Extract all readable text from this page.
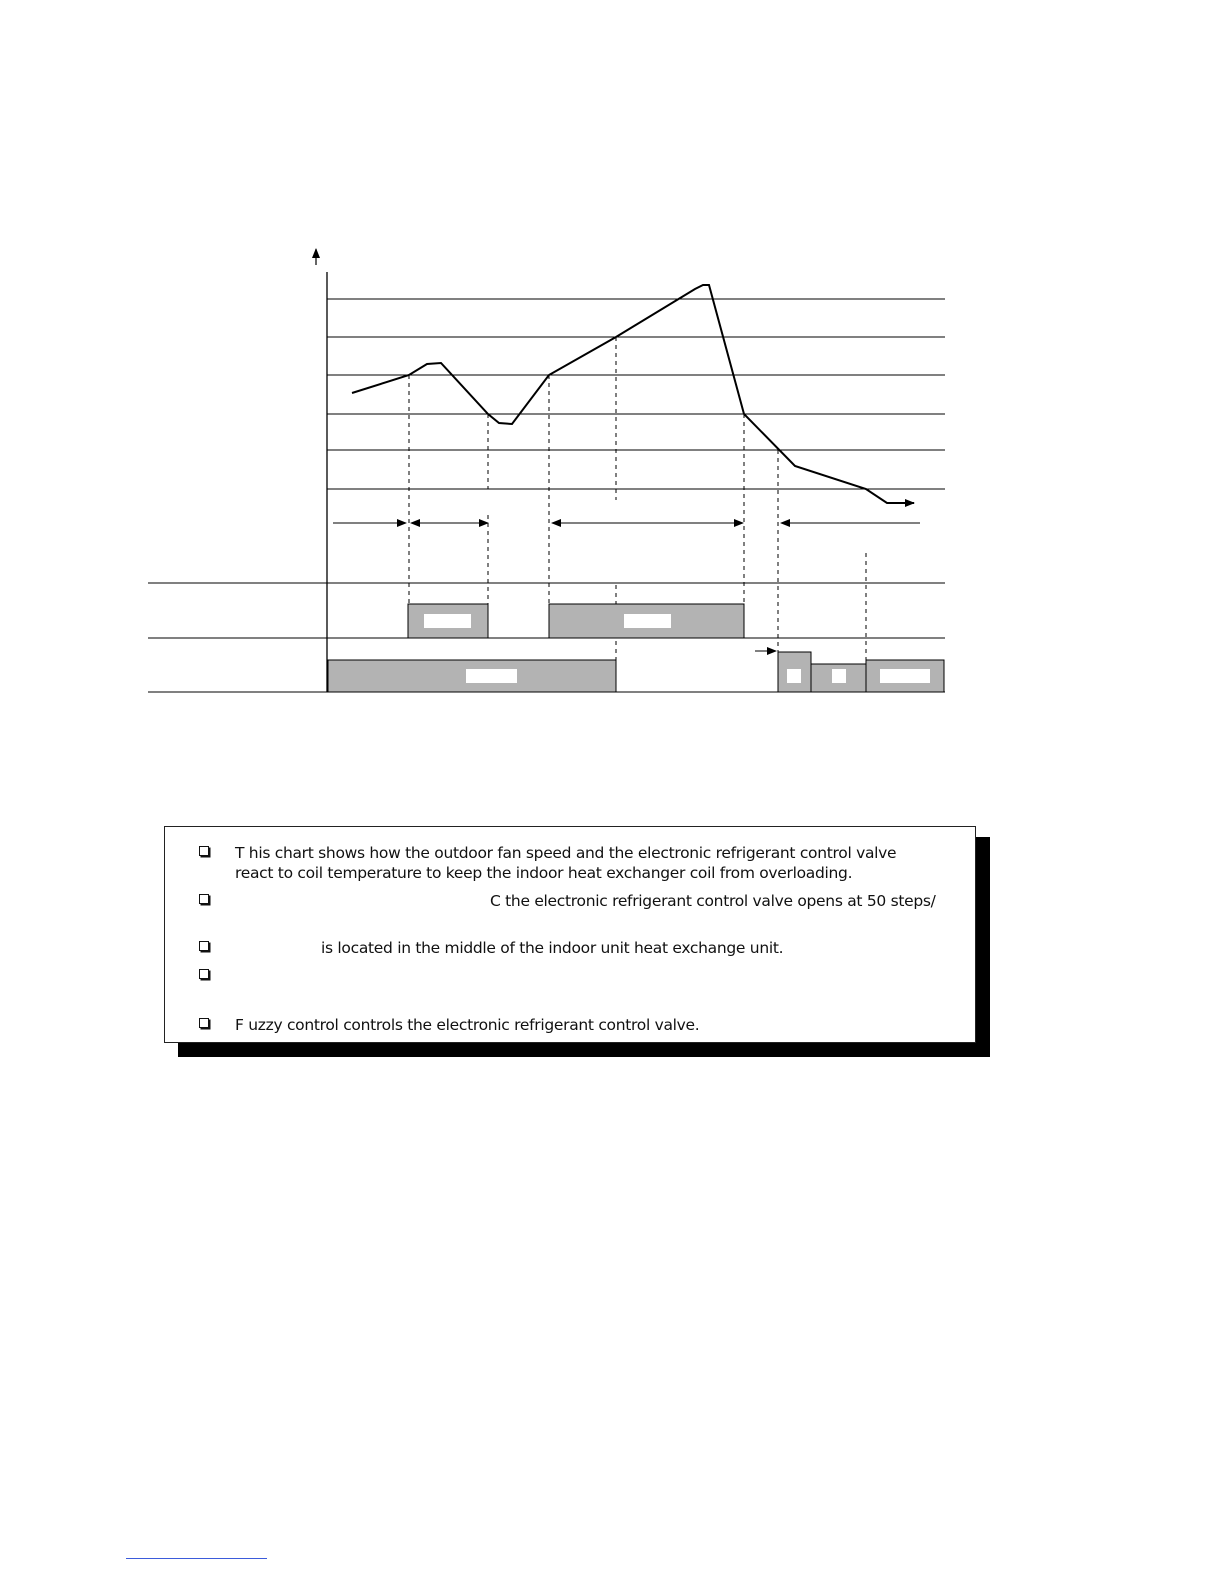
T his chart shows how the outdoor fan speed and the electronic refrigerant control valve
react to coil temperature to keep the indoor heat exchanger coil from overloading.
C the electronic refrigerant control valve opens at 50 steps/
is located in the middle of the indoor unit heat exchange unit.
F uzzy control controls the electronic refrigerant control valve.
